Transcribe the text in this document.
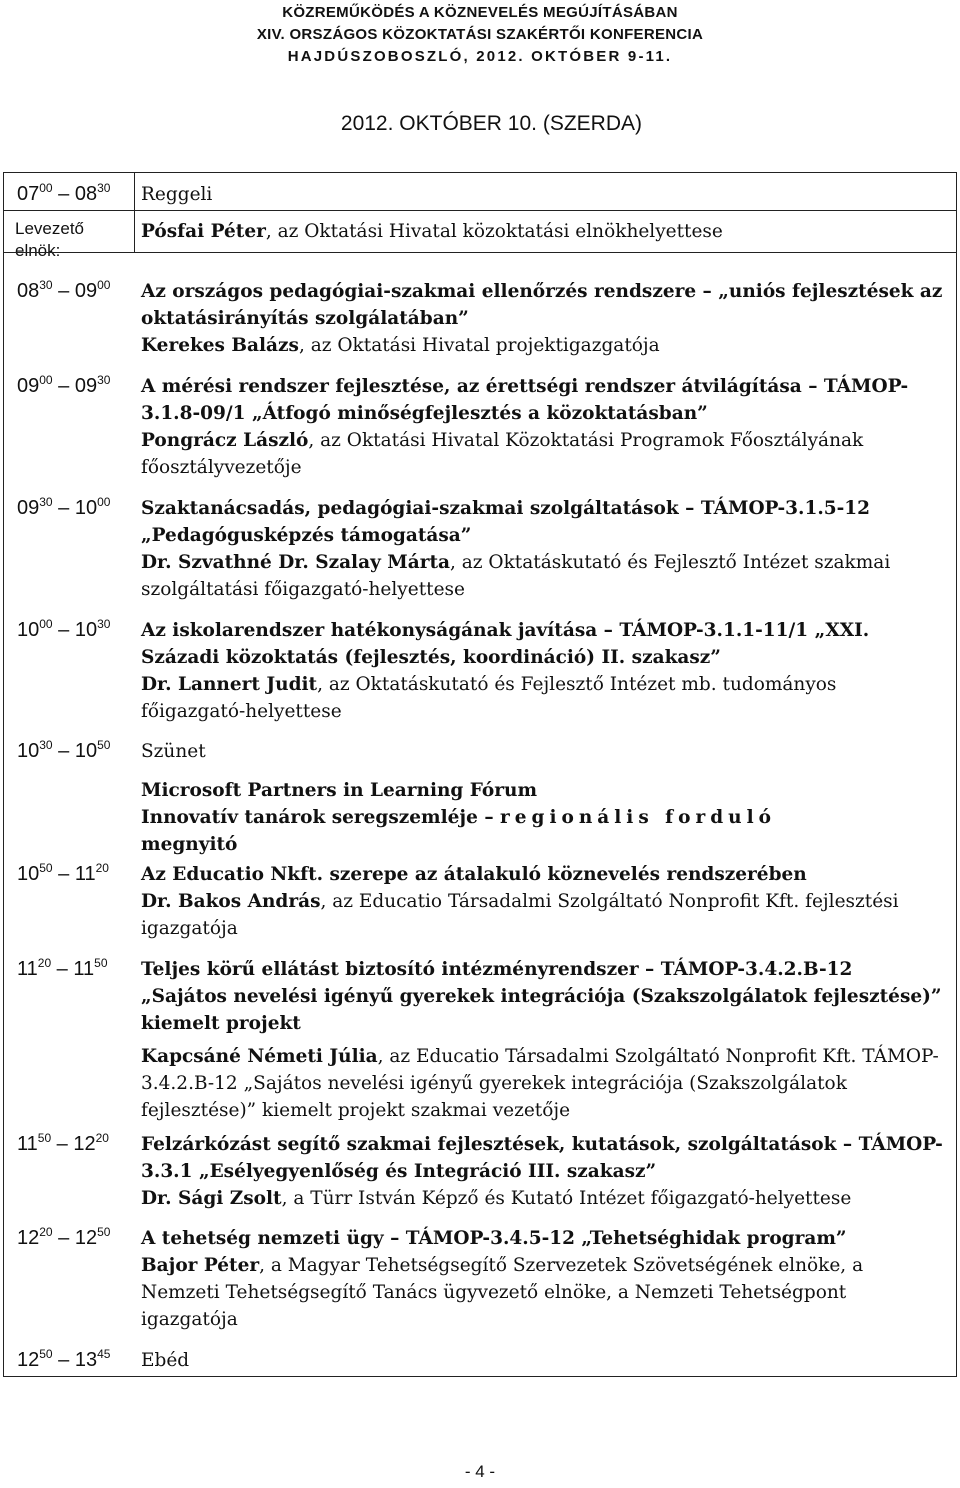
KÖZREMŰKÖDÉS A KÖZNEVELÉS MEGÚJÍTÁSÁBAN
XIV. ORSZÁGOS KÖZOKTATÁSI SZAKÉRTŐI KONFERENCIA
HAJDÚSZOBOSZLÓ, 2012. OKTÓBER 9-11.
2012. OKTÓBER 10. (SZERDA)
$07^{00} - 08^{30}$ Reggeli

Levezető elnök:

Pósfai Péter, az Oktatási Hivatal közoktatási elnökhelyettese

$08^{30} - 09^{00}$ Az országos pedagógiai-szakmai ellenőrzés rendszere – „uniós fejlesztések az oktatásirányítás szolgálatában”

Kerekes Balázs, az Oktatási Hivatal projektigazgatója

$09^{00} - 09^{30}$ A mérési rendszer fejlesztése, az érettségi rendszer átvilágítása – TÁMOP-3.1.8-09/1 „Átfogó minőségfejlesztés a közoktatásban”

Pongrácz László, az Oktatási Hivatal Közoktatási Programok Főosztályának főosztályvezetője

$09^{30} - 10^{00}$ Szaktanácsadás, pedagógiai-szakmai szolgáltatások – TÁMOP-3.1.5-12 „Pedagógusképzés támogatása”

Dr. Szvathné Dr. Szalay Márta, az Oktatáskutató és Fejlesztő Intézet szakmai szolgáltatási főigazgató-helyettese

$10^{00} - 10^{30}$ Az iskolarendszer hatékonyságának javítása – TÁMOP-3.1.1-11/1 „XXI. Századi közoktatás (fejlesztés, koordináció) II. szakasz”

Dr. Lannert Judit, az Oktatáskutató és Fejlesztő Intézet mb. tudományos főigazgató-helyettese

$10^{30} - 10^{50}$ Szünet

Microsoft Partners in Learning Fórum

Innovatív tanárok seregszemléje – regionális forduló

megnyitó

$10^{50} - 11^{20}$ Az Educatio Nkft. szerepe az átalakuló köznevelés rendszerében

Dr. Bakos András, az Educatio Társadalmi Szolgáltató Nonprofit Kft. fejlesztési igazgatója

$11^{20} - 11^{50}$ Teljes körű ellátást biztosító intézményrendszer – TÁMOP-3.4.2.B-12 „Sajátos nevelési igényű gyerekek integrációja (Szakszolgálatok fejlesztése)” kiemelt projekt

Kapcsáné Németi Júlia, az Educatio Társadalmi Szolgáltató Nonprofit Kft. TÁMOP-3.4.2.B-12 „Sajátos nevelési igényű gyerekek integrációja (Szakszolgálatok fejlesztése)” kiemelt projekt szakmai vezetője

$11^{50} - 12^{20}$ Felzárkózást segítő szakmai fejlesztések, kutatások, szolgáltatások – TÁMOP-3.3.1 „Esélyegyenlőség és Integráció III. szakasz”

Dr. Sági Zsolt, a Türr István Képző és Kutató Intézet főigazgató-helyettese

$12^{20} - 12^{50}$ A tehetség nemzeti ügy – TÁMOP-3.4.5-12 „Tehetséghidak program”

Bajor Péter, a Magyar Tehetségsegítő Szervezetek Szövetségének elnöke, a Nemzeti Tehetségsegítő Tanács ügyvezető elnöke, a Nemzeti Tehetségpont igazgatója

$12^{50} - 13^{45}$ Ebéd

- 4 -
